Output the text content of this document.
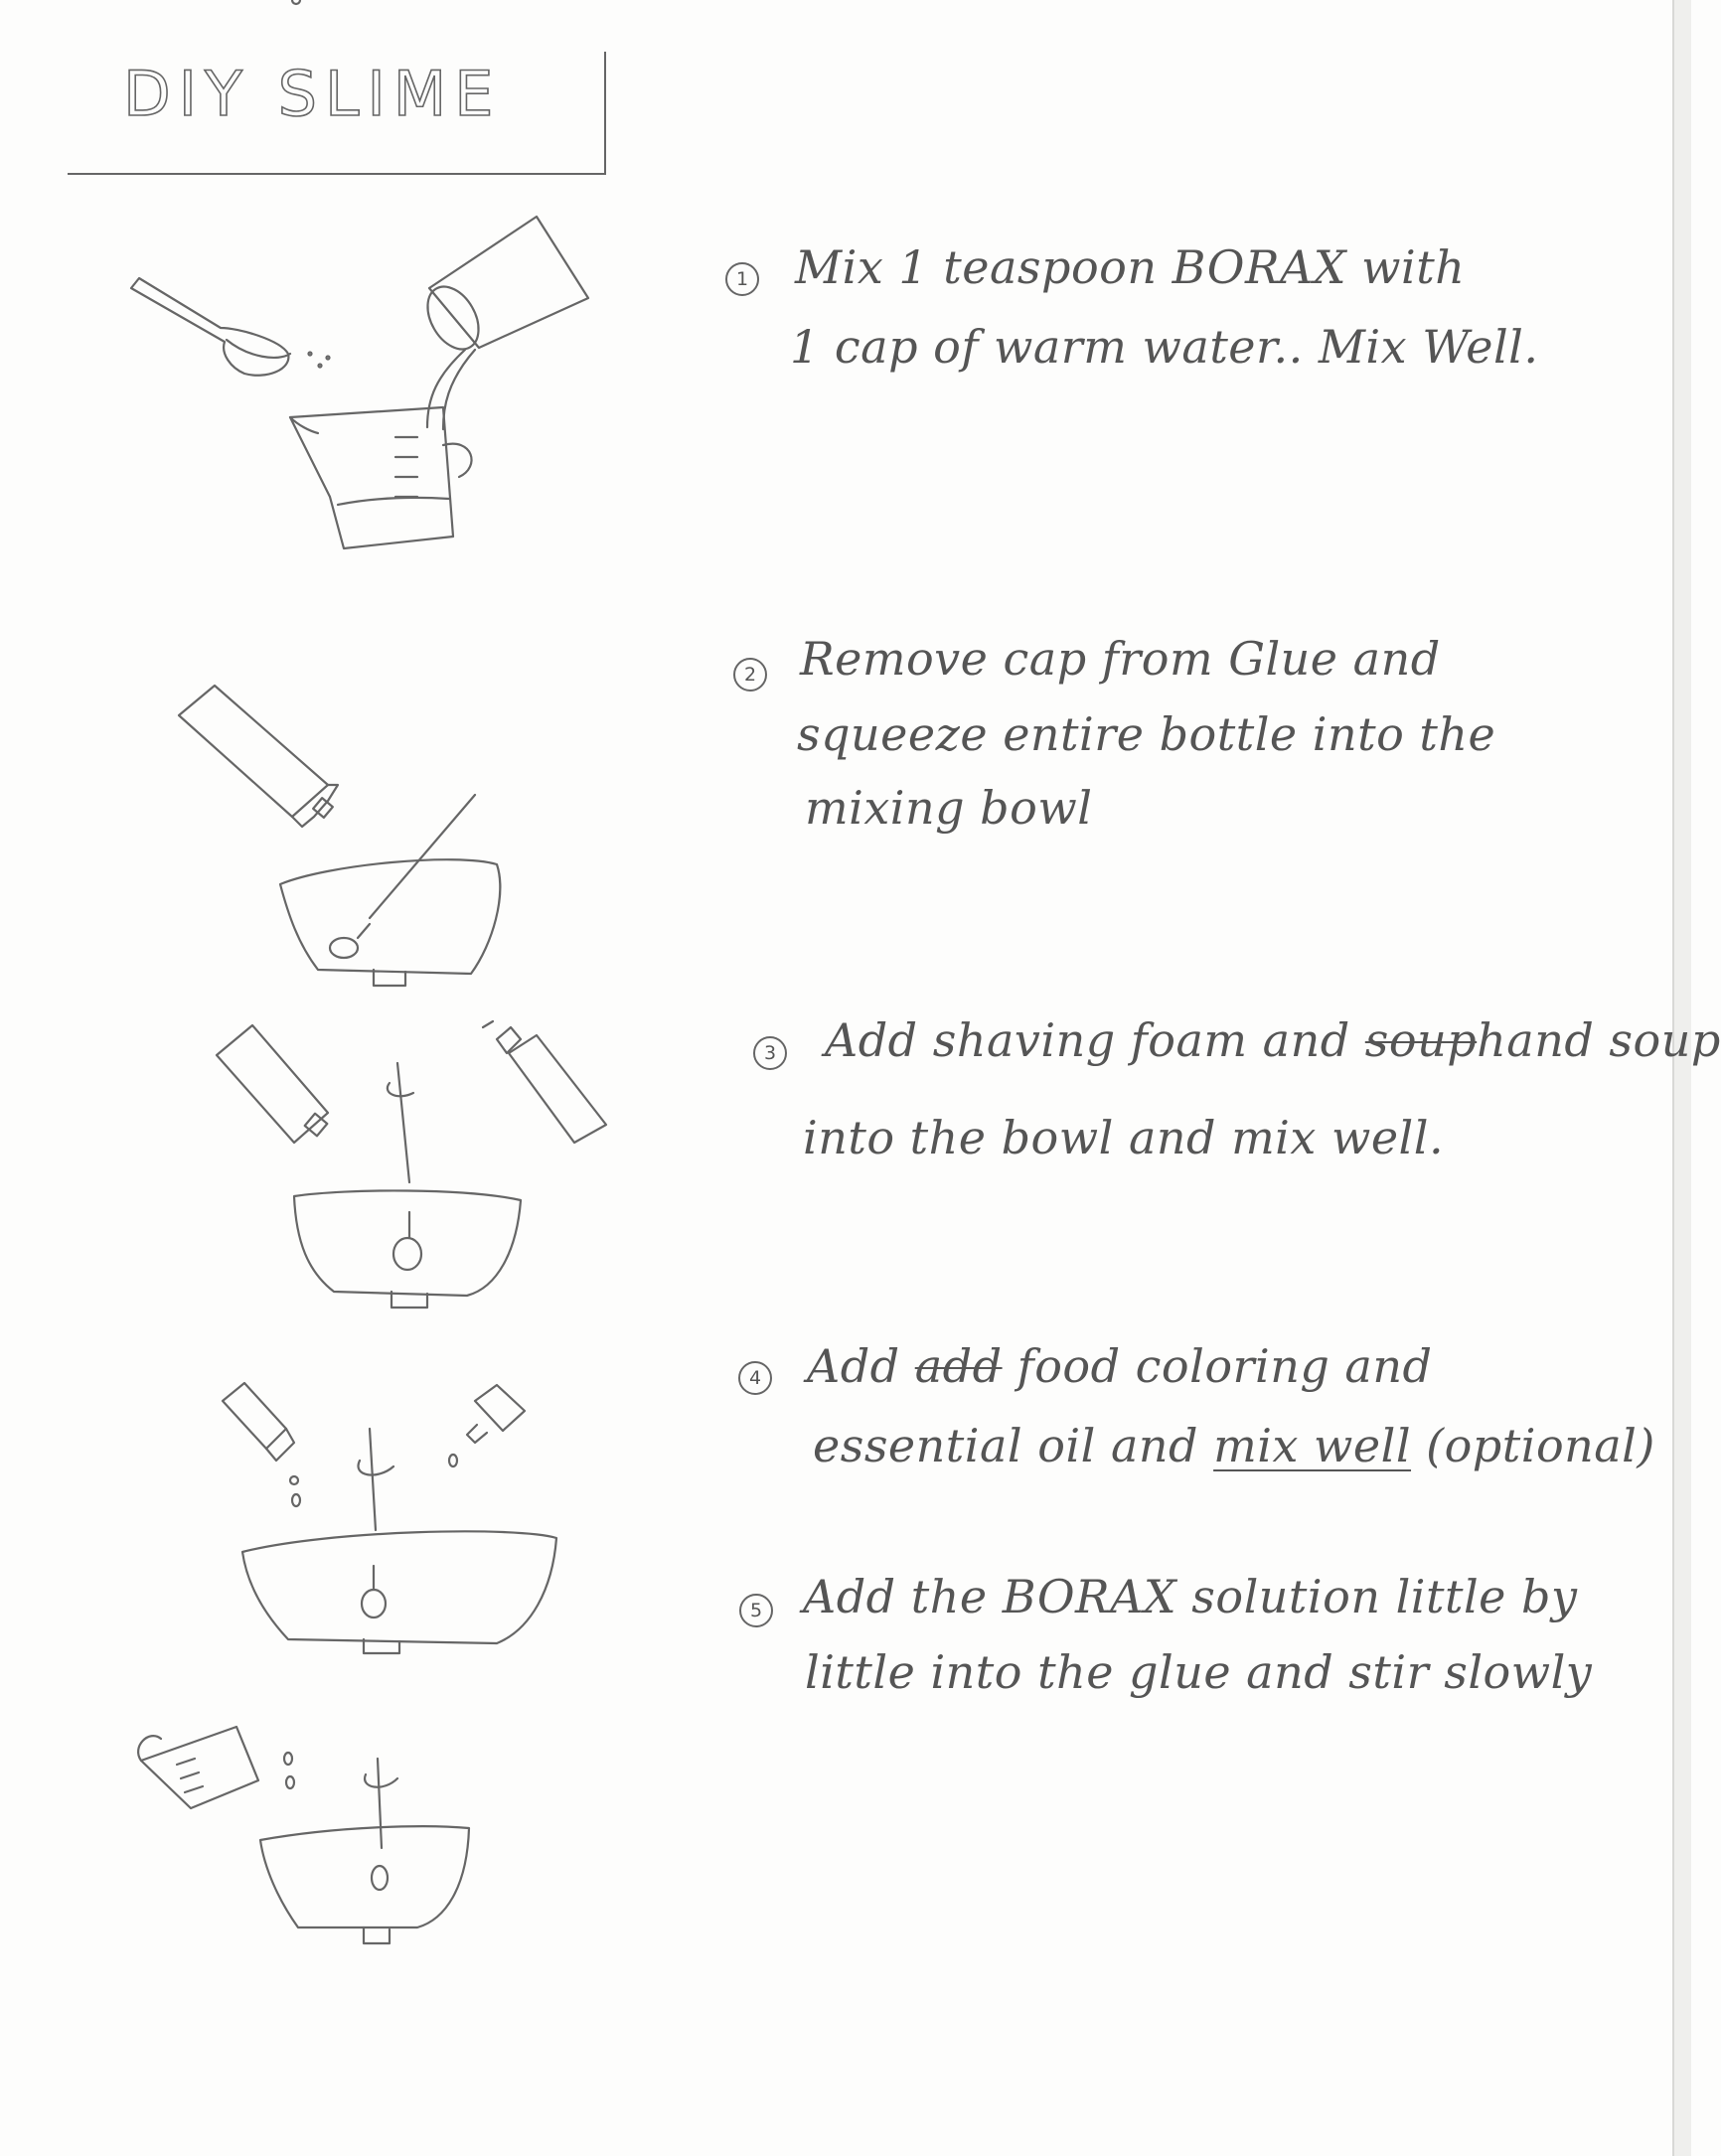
DIY SLIME
1 Mix 1 teaspoon BORAX with
1 cap of warm water.. Mix Well.
2 Remove cap from Glue and
squeeze entire bottle into the
mixing bowl
3 Add shaving foam and souphand soup
into the bowl and mix well.
4 Add add food coloring and
essential oil and mix well (optional)
5 Add the BORAX solution little by
little into the glue and stir slowly
